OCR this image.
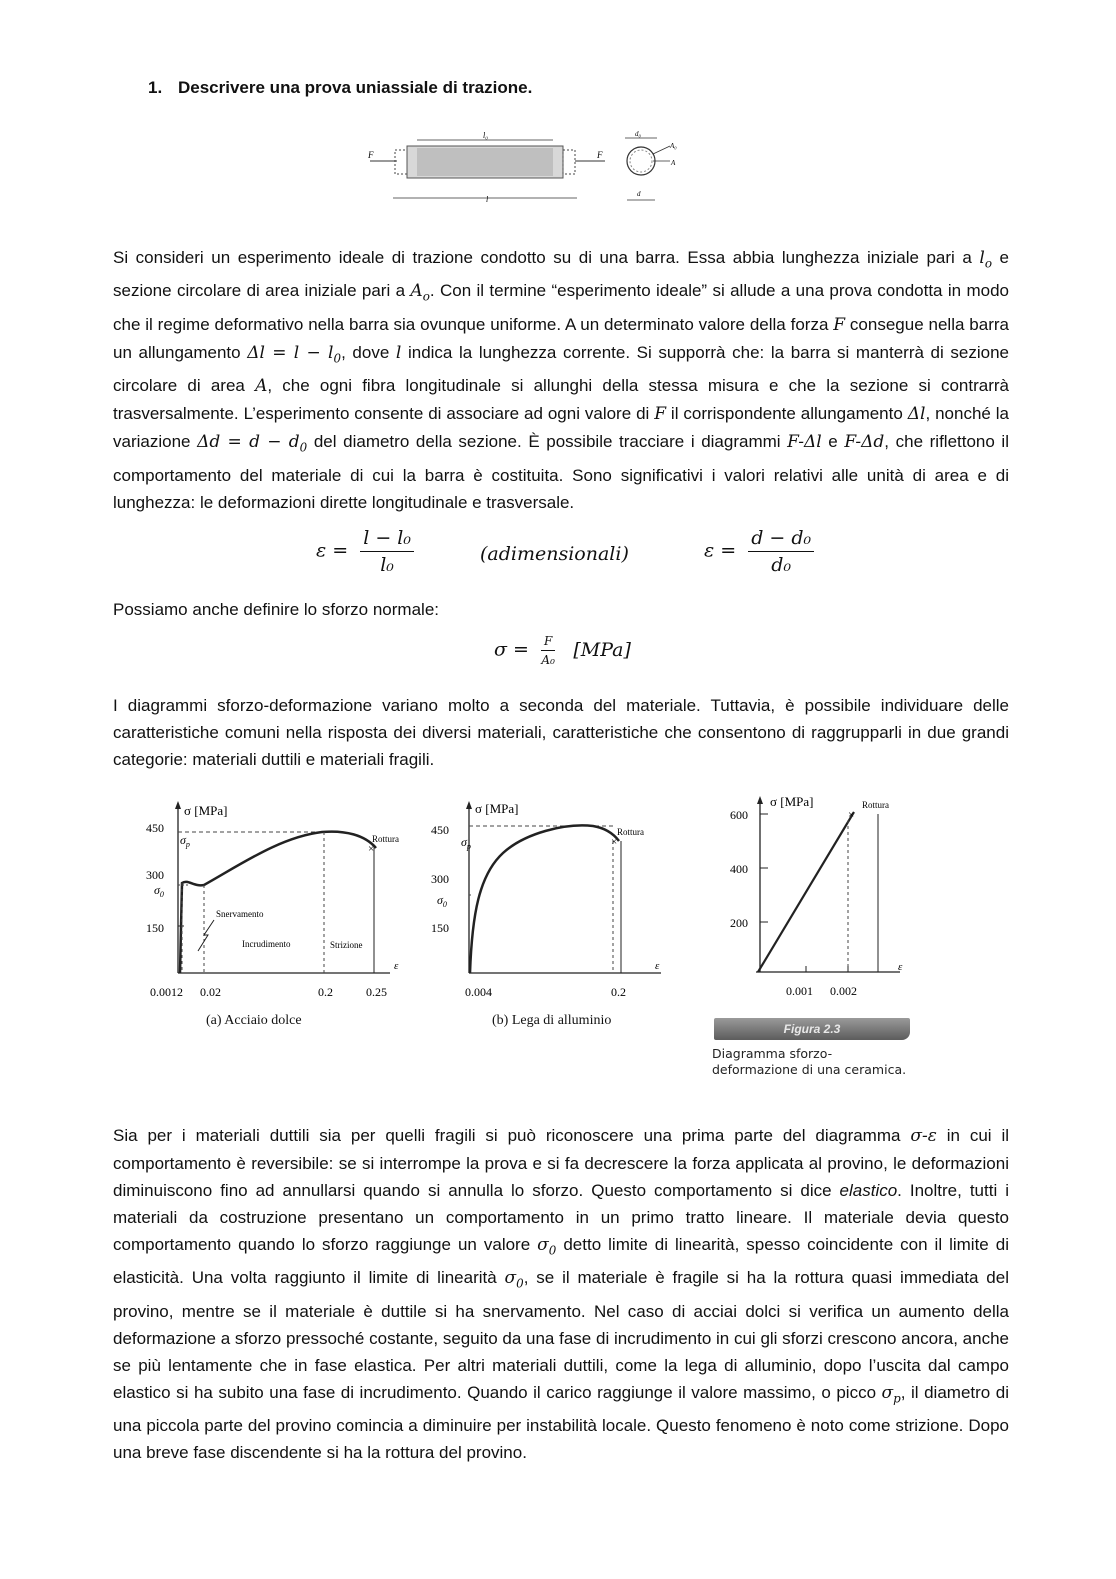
1. Descrivere una prova uniassiale di trazione.
F	F
l₀
l
d₀
A₀
A
d
Si consideri un esperimento ideale di trazione condotto su di una barra. Essa abbia lunghezza iniziale pari a $l_o$ e sezione circolare di area iniziale pari a $A_o$. Con il termine “esperimento ideale” si allude a una prova condotta in modo che il regime deformativo nella barra sia ovunque uniforme. A un determinato valore della forza F consegue nella barra un allungamento $\Delta l = l - l_0$, dove l indica la lunghezza corrente. Si supporrà che: la barra si manterrà di sezione circolare di area A, che ogni fibra longitudinale si allunghi della stessa misura e che la sezione si contrarrà trasversalmente. L’esperimento consente di associare ad ogni valore di F il corrispondente allungamento Δl, nonché la variazione $\Delta d = d - d_0$ del diametro della sezione. È possibile tracciare i diagrammi F-Δl e F-Δd, che riflettono il comportamento del materiale di cui la barra è costituita. Sono significativi i valori relativi alle unità di area e di lunghezza: le deformazioni dirette longitudinale e trasversale.
$\varepsilon = \frac{\text{l − l₀}}{\text{l₀}}$	(adimensionali)	$\varepsilon = \frac{\text{d − d₀}}{\text{d₀}}$
Possiamo anche definire lo sforzo normale:
$\sigma = \frac{F}{\text{A₀}} [MPa]$
I diagrammi sforzo-deformazione variano molto a seconda del materiale. Tuttavia, è possibile individuare delle caratteristiche comuni nella risposta dei diversi materiali, caratteristiche che consentono di raggrupparli in due grandi categorie: materiali duttili e materiali fragili.
σ [MPa]
ε
450
300
150
$\sigma_p$
$\sigma_0$
Rottura
×
Snervamento
Incrudimento	Strizione
0.0012 0.02	0.2	0.25
(a) Acciaio dolce
σ [MPa]
ε
450
300
150
$\sigma_p$
$\sigma_0$
Rottura
×
0.004	0.2
(b) Lega di alluminio
σ [MPa]
ε
600
400
200
Rottura
×
0.001 0.002
Figura 2.3
Diagramma sforzo-
deformazione di una ceramica.
Sia per i materiali duttili sia per quelli fragili si può riconoscere una prima parte del diagramma σ-ε in cui il comportamento è reversibile: se si interrompe la prova e si fa decrescere la forza applicata al provino, le deformazioni diminuiscono fino ad annullarsi quando si annulla lo sforzo. Questo comportamento si dice elastico. Inoltre, tutti i materiali da costruzione presentano un comportamento in un primo tratto lineare. Il materiale devia questo comportamento quando lo sforzo raggiunge un valore $\sigma_0$ detto limite di linearità, spesso coincidente con il limite di elasticità. Una volta raggiunto il limite di linearità $\sigma_0$, se il materiale è fragile si ha la rottura quasi immediata del provino, mentre se il materiale è duttile si ha snervamento. Nel caso di acciai dolci si verifica un aumento della deformazione a sforzo pressoché costante, seguito da una fase di incrudimento in cui gli sforzi crescono ancora, anche se più lentamente che in fase elastica. Per altri materiali duttili, come la lega di alluminio, dopo l’uscita dal campo elastico si ha subito una fase di incrudimento. Quando il carico raggiunge il valore massimo, o picco $\sigma_p$, il diametro di una piccola parte del provino comincia a diminuire per instabilità locale. Questo fenomeno è noto come strizione. Dopo una breve fase discendente si ha la rottura del provino.
